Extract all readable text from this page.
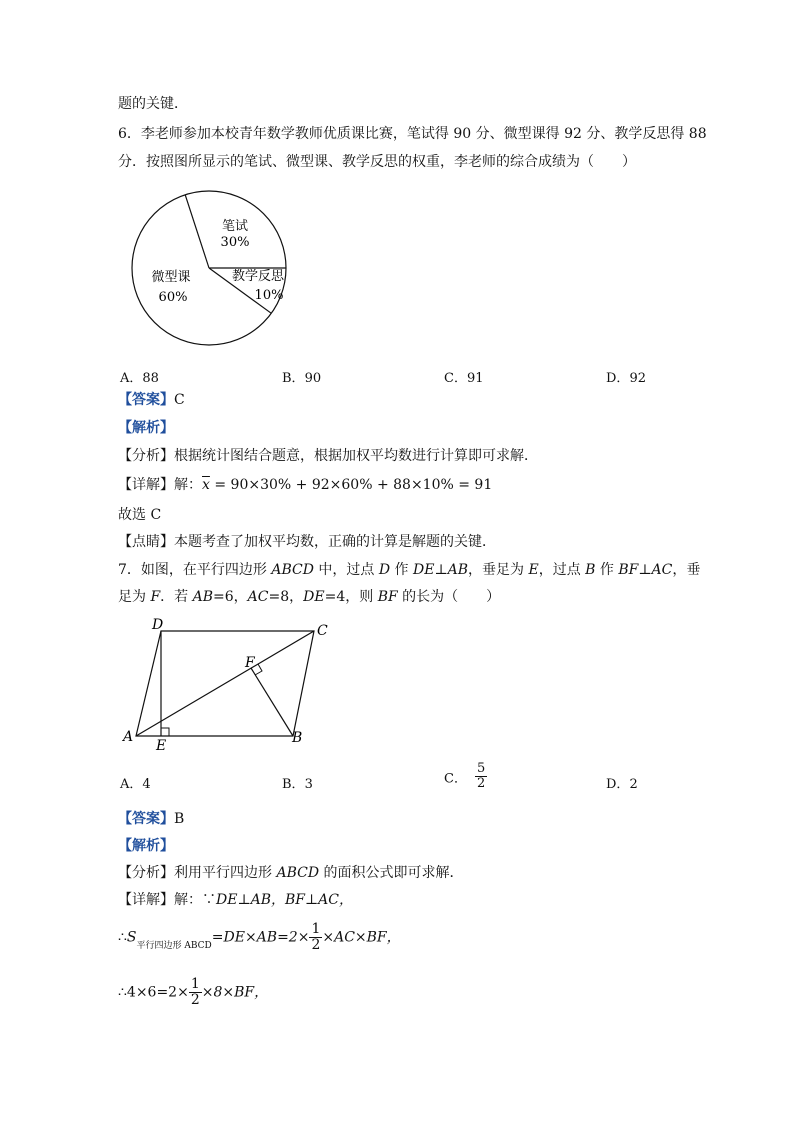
题的关键．
6．李老师参加本校青年数学教师优质课比赛，笔试得 90 分、微型课得 92 分、教学反思得 88
分．按照图所显示的笔试、微型课、教学反思的权重，李老师的综合成绩为（　　）
笔试
30%
微型课
60%
教学反思
10%
A．88	B．90	C．91	D．92
【答案】C
【解析】
【分析】根据统计图结合题意，根据加权平均数进行计算即可求解．
【详解】解：$\overline{x} = 90\times 30\% + 92\times 60\% + 88\times 10\% = 91$
故选 C
【点睛】本题考查了加权平均数，正确的计算是解题的关键．
7．如图，在平行四边形 ABCD 中，过点 D 作 DE⊥AB，垂足为 E，过点 B 作 BF⊥AC，垂
足为 F．若 AB=6，AC=8，DE=4，则 BF 的长为（　　）
A	B
C
D
E
F
A．4	B．3	C． $\frac{5}{2}$	D．2
【答案】B
【解析】
【分析】利用平行四边形 ABCD 的面积公式即可求解．
【详解】解：∵DE⊥AB，BF⊥AC，
$\therefore S_{平行四边形 ABCD}=DE\times AB=2\times \frac{1}{2} \times AC\times BF$，
∴4×6=2× $\frac{1}{2} \times 8\times BF$，
